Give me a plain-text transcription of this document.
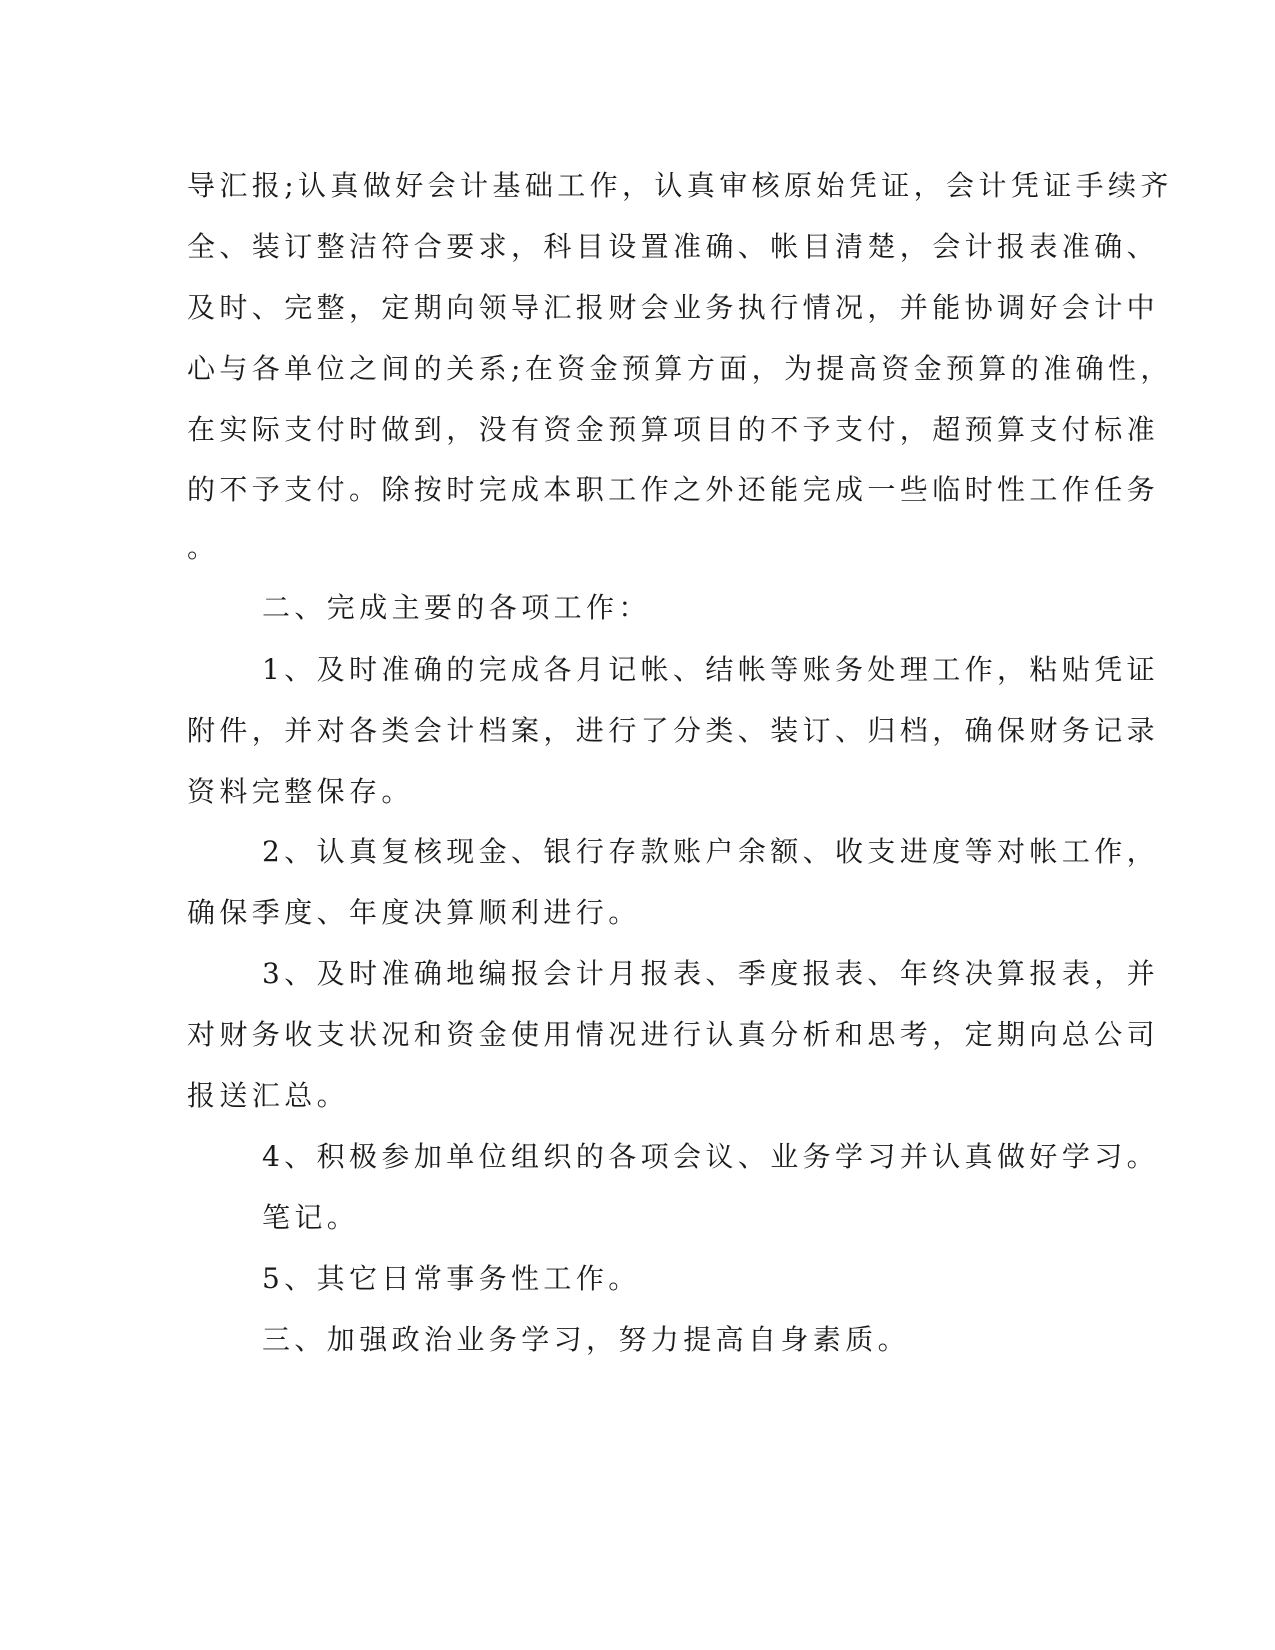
导汇报;认真做好会计基础工作，认真审核原始凭证，会计凭证手续齐
全、装订整洁符合要求，科目设置准确、帐目清楚，会计报表准确、
及时、完整，定期向领导汇报财会业务执行情况，并能协调好会计中
心与各单位之间的关系;在资金预算方面，为提高资金预算的准确性，
在实际支付时做到，没有资金预算项目的不予支付，超预算支付标准
的不予支付。除按时完成本职工作之外还能完成一些临时性工作任务
。
二、完成主要的各项工作：
1、及时准确的完成各月记帐、结帐等账务处理工作，粘贴凭证
附件，并对各类会计档案，进行了分类、装订、归档，确保财务记录
资料完整保存。
2、认真复核现金、银行存款账户余额、收支进度等对帐工作，
确保季度、年度决算顺利进行。
3、及时准确地编报会计月报表、季度报表、年终决算报表，并
对财务收支状况和资金使用情况进行认真分析和思考，定期向总公司
报送汇总。
4、积极参加单位组织的各项会议、业务学习并认真做好学习。
笔记。
5、其它日常事务性工作。
三、加强政治业务学习，努力提高自身素质。
